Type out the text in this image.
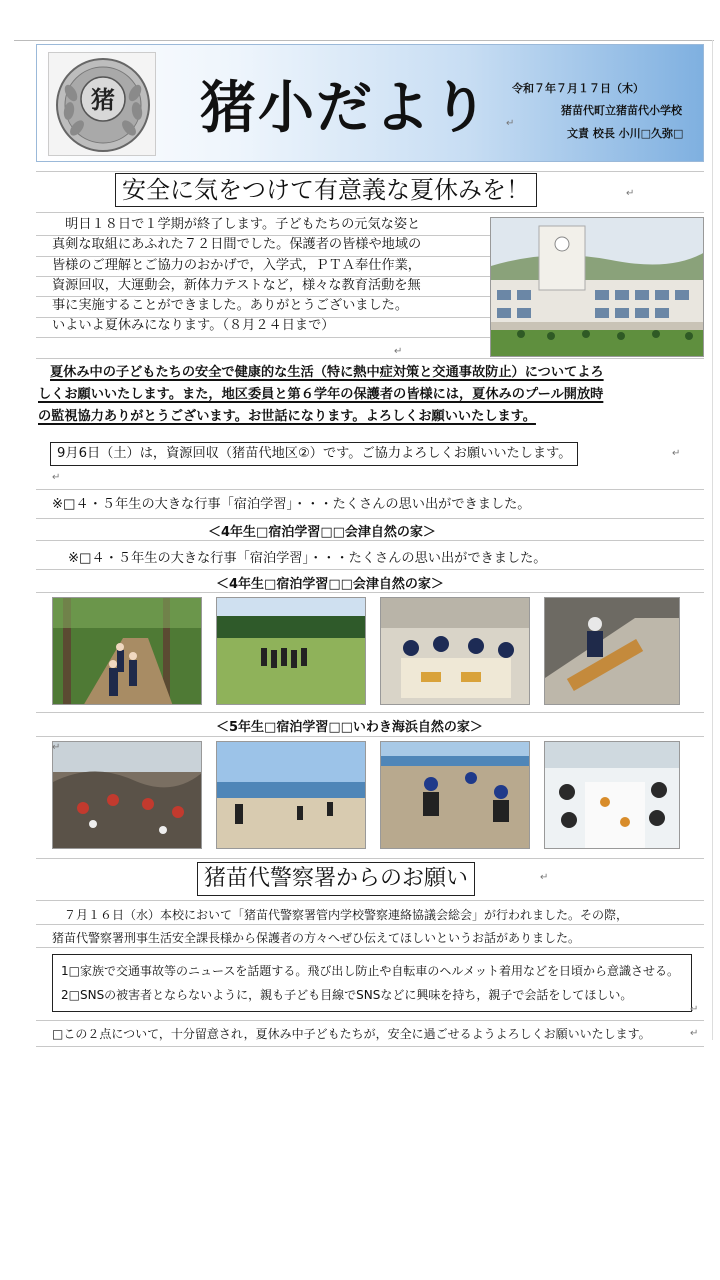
猪 猪小だより 令和７年７月１７日（木）
猪苗代町立猪苗代小学校
文責 校長 小川□久弥□
安全に気をつけて有意義な夏休みを！
　明日１８日で１学期が終了します。子どもたちの元気な姿と
真剣な取組にあふれた７２日間でした。保護者の皆様や地域の
皆様のご理解とご協力のおかげで，入学式，ＰＴＡ奉仕作業，
資源回収，大運動会，新体力テストなど，様々な教育活動を無
事に実施することができました。ありがとうございました。
いよいよ夏休みになります。（８月２４日まで）
夏休み中の子どもたちの安全で健康的な生活（特に熱中症対策と交通事故防止）についてよろ
しくお願いいたします。また，地区委員と第６学年の保護者の皆様には，夏休みのプール開放時
の監視協力ありがとうございます。お世話になります。よろしくお願いいたします。
9月6日（土）は，資源回収（猪苗代地区②）です。ご協力よろしくお願いいたします。
※□４・５年生の大きな行事「宿泊学習」・・・たくさんの思い出ができました。
＜4年生□宿泊学習□□会津自然の家＞
※□４・５年生の大きな行事「宿泊学習」・・・たくさんの思い出ができました。
＜4年生□宿泊学習□□会津自然の家＞
＜5年生□宿泊学習□□いわき海浜自然の家＞
猪苗代警察署からのお願い
　７月１６日（水）本校において「猪苗代警察署管内学校警察連絡協議会総会」が行われました。その際，
猪苗代警察署刑事生活安全課長様から保護者の方々へぜひ伝えてほしいというお話がありました。
1□家族で交通事故等のニュースを話題する。飛び出し防止や自転車のヘルメット着用などを日頃から意識させる。
2□SNSの被害者とならないように，親も子ども目線でSNSなどに興味を持ち，親子で会話をしてほしい。
□この２点について，十分留意され，夏休み中子どもたちが，安全に過ごせるようよろしくお願いいたします。
↵
↵
↵
↵
↵
↵
↵
↵
↵
